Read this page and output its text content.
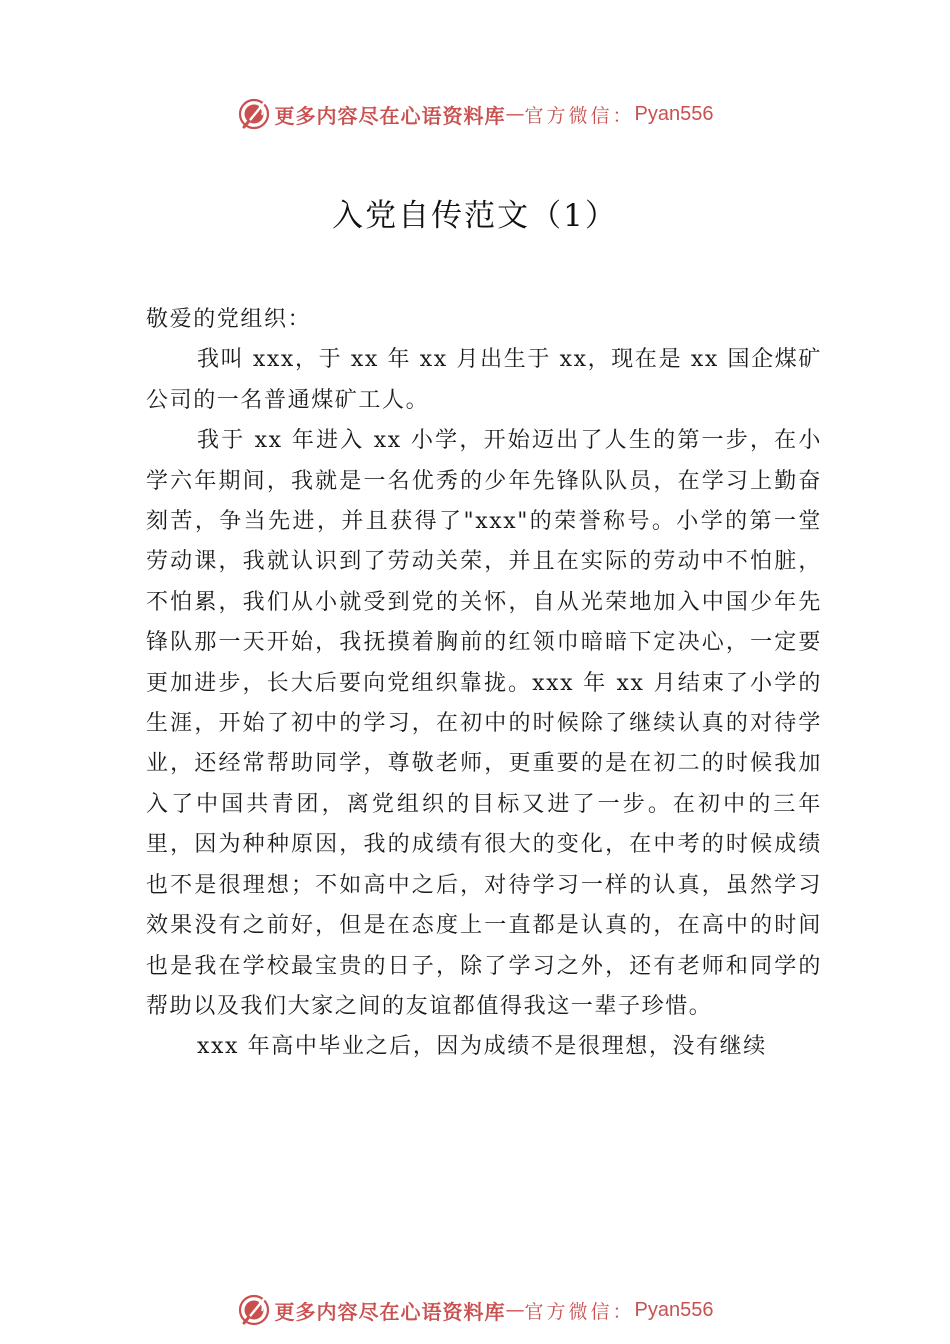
更多内容尽在心语资料库 — 官方微信： Pyan556
入党自传范文（1）

敬爱的党组织：

我叫 xxx，于 xx 年 xx 月出生于 xx，现在是 xx 国企煤矿公司的一名普通煤矿工人。

我于 xx 年进入 xx 小学，开始迈出了人生的第一步，在小学六年期间，我就是一名优秀的少年先锋队队员，在学习上勤奋刻苦，争当先进，并且获得了"xxx"的荣誉称号。小学的第一堂劳动课，我就认识到了劳动关荣，并且在实际的劳动中不怕脏，不怕累，我们从小就受到党的关怀，自从光荣地加入中国少年先锋队那一天开始，我抚摸着胸前的红领巾暗暗下定决心，一定要更加进步，长大后要向党组织靠拢。xxx 年 xx 月结束了小学的生涯，开始了初中的学习，在初中的时候除了继续认真的对待学业，还经常帮助同学，尊敬老师，更重要的是在初二的时候我加入了中国共青团，离党组织的目标又进了一步。在初中的三年里，因为种种原因，我的成绩有很大的变化，在中考的时候成绩也不是很理想；不如高中之后，对待学习一样的认真，虽然学习效果没有之前好，但是在态度上一直都是认真的，在高中的时间也是我在学校最宝贵的日子，除了学习之外，还有老师和同学的帮助以及我们大家之间的友谊都值得我这一辈子珍惜。

xxx 年高中毕业之后，因为成绩不是很理想，没有继续

更多内容尽在心语资料库 — 官方微信： Pyan556
